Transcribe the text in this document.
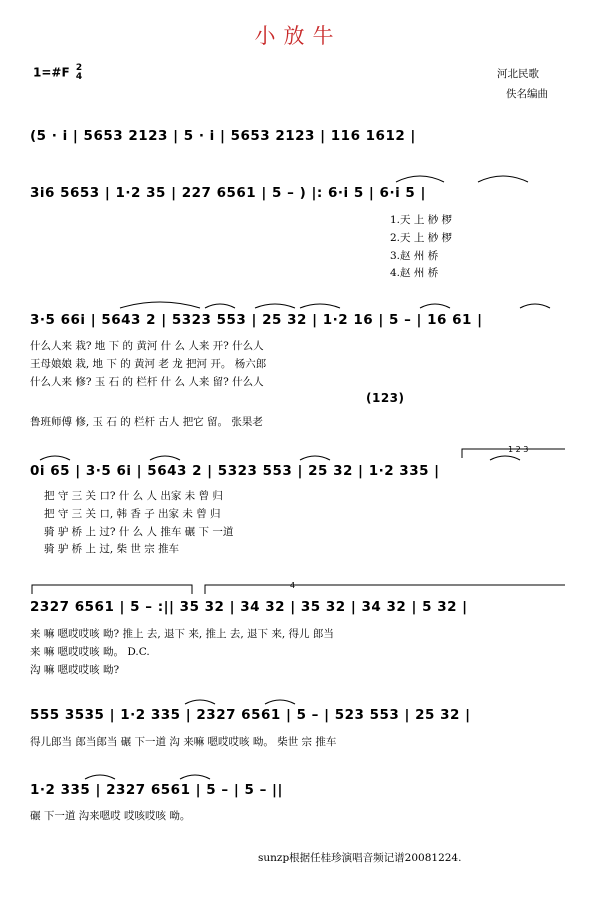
小放牛
1=#F 2
4	河北民歌
佚名编曲
(5 · i | 5653 2123 | 5 · i | 5653 2123 | 116 1612 |
3i6 5653 | 1·2 35 | 227 6561 | 5 – ) |: 6·i 5 | 6·i 5 |
1.天 上 桫 椤
2.天 上 桫 椤
3.赵 州 桥
4.赵 州 桥
3·5 66i | 5643 2 | 5323 553 | 25 32 | 1·2 16 | 5 – | 16 61 |
什么人来 栽? 地 下 的 黄河 什 么 人来 开? 什么人
王母娘娘 栽, 地 下 的 黄河 老 龙 把河 开。 杨六郎
什么人来 修? 玉 石 的 栏杆 什 么 人来 留? 什么人
(123)
鲁班师傅 修, 玉 石 的 栏杆 古人 把它 留。 张果老
0i 65 | 3·5 6i | 5643 2 | 5323 553 | 25 32 | 1·2 335 |
把 守 三 关 口? 什 么 人 出家 未 曾 归
把 守 三 关 口, 韩 香 子 出家 未 曾 归
骑 驴 桥 上 过? 什 么 人 推车 碾 下 一道
骑 驴 桥 上 过, 柴 世 宗 推车
2327 6561 | 5 – :|| 35 32 | 34 32 | 35 32 | 34 32 | 5 32 |
来 嘛 嗯哎哎咳 呦? 推上 去, 退下 来, 推上 去, 退下 来, 得儿 郎当
来 嘛 嗯哎哎咳 呦。 D.C.
沟 嘛 嗯哎哎咳 呦?
555 3535 | 1·2 335 | 2327 6561 | 5 – | 523 553 | 25 32 |
得儿郎当 郎当郎当 碾 下一道 沟 来嘛 嗯哎哎咳 呦。 柴世 宗 推车
1·2 335 | 2327 6561 | 5 – | 5 – ||
碾 下一道 沟来嗯哎 哎咳哎咳 呦。
sunzp根据任桂珍演唱音频记谱20081224.
1 2 3
4
